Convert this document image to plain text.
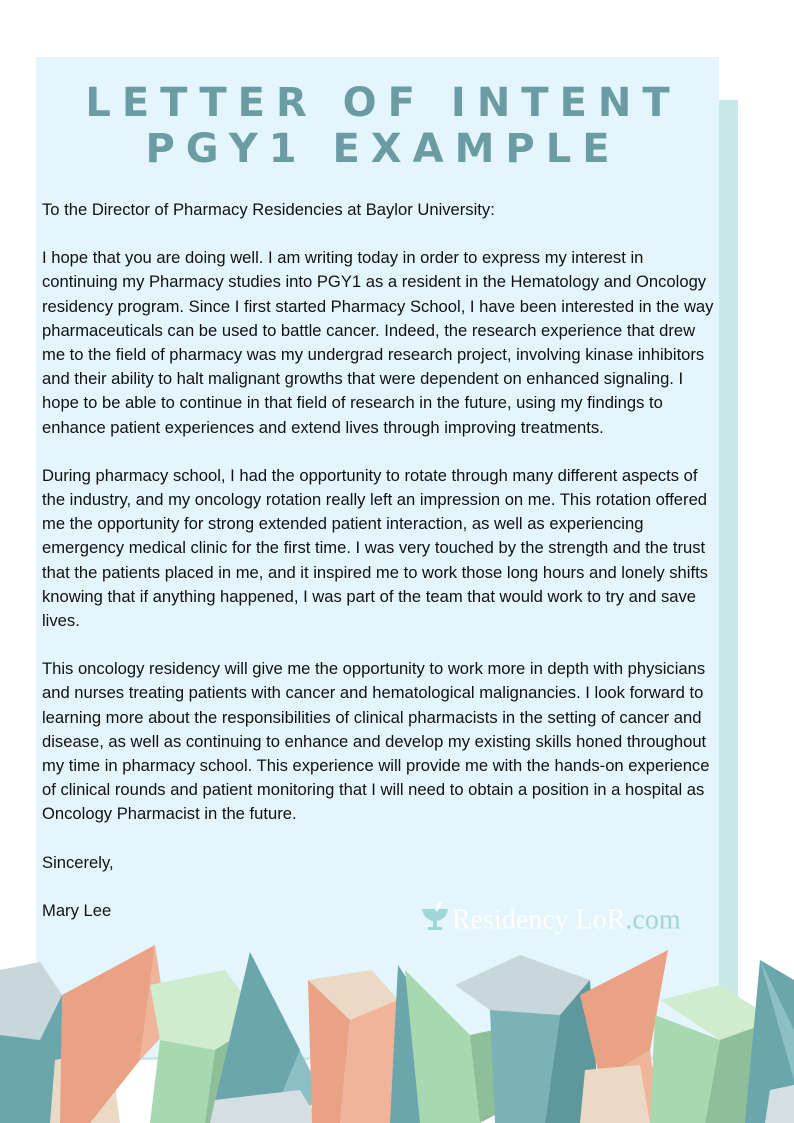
LETTER OF INTENT
PGY1 EXAMPLE

To the Director of Pharmacy Residencies at Baylor University:

I hope that you are doing well. I am writing today in order to express my interest in continuing my Pharmacy studies into PGY1 as a resident in the Hematology and Oncology residency program. Since I first started Pharmacy School, I have been interested in the way pharmaceuticals can be used to battle cancer. Indeed, the research experience that drew me to the field of pharmacy was my undergrad research project, involving kinase inhibitors and their ability to halt malignant growths that were dependent on enhanced signaling. I hope to be able to continue in that field of research in the future, using my findings to enhance patient experiences and extend lives through improving treatments.

During pharmacy school, I had the opportunity to rotate through many different aspects of the industry, and my oncology rotation really left an impression on me. This rotation offered me the opportunity for strong extended patient interaction, as well as experiencing emergency medical clinic for the first time. I was very touched by the strength and the trust that the patients placed in me, and it inspired me to work those long hours and lonely shifts knowing that if anything happened, I was part of the team that would work to try and save lives.

This oncology residency will give me the opportunity to work more in depth with physicians and nurses treating patients with cancer and hematological malignancies. I look forward to learning more about the responsibilities of clinical pharmacists in the setting of cancer and disease, as well as continuing to enhance and develop my existing skills honed throughout my time in pharmacy school. This experience will provide me with the hands-on experience of clinical rounds and patient monitoring that I will need to obtain a position in a hospital as Oncology Pharmacist in the future.

Sincerely,

Mary Lee	Residency LoR.com
